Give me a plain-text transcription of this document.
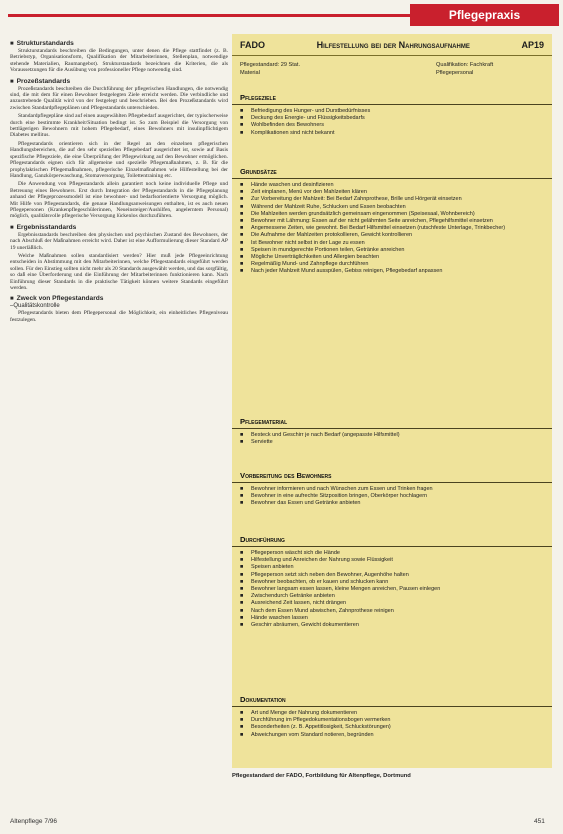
Pflegepraxis
■ Strukturstandards

Strukturstandards beschreiben die Bedingungen, unter denen die Pflege stattfindet (z. B. Betriebstyp, Organisationsform, Qualifikation der Mitarbeiterinnen, Stellenplan, notwendige stehende Materialien, Raumangebot). Strukturstandards bezeichnen die Kriterien, die als Voraussetzungen für die Ausübung von professioneller Pflege notwendig sind.

■ Prozeßstandards

Prozeßstandards beschreiben die Durchführung der pflegerischen Handlungen, die notwendig sind, die mit dem für einen Bewohner festgelegten Ziele erreicht werden. Die verbindliche und anzustrebende Qualität wird von der festgelegt und beschrieben. Bei den Prozeßstandards wird zwischen Standardpflegeplänen und Pflegestandards unterschieden.

Standardpflegepläne sind auf einen ausgewählten Pflegebedarf ausgerichtet, der typischerweise durch eine bestimmte Krankheit/Situation bedingt ist. So zum Beispiel die Versorgung von bettlägerigen Bewohnern mit hohem Pflegebedarf, eines Bewohners mit insulinpflichtigem Diabetes mellitus.

Pflegestandards orientieren sich in der Regel an den einzelnen pflegerischen Handlungsbereichen, die auf den sehr speziellen Pflegebedarf ausgerichtet ist, sowie auf Basis spezifische Pflegeziele, die eine Überprüfung der Pflegewirkung auf den Bewohner ermöglichen. Pflegestandards eignen sich für allgemeine und spezielle Pflegemaßnahmen, z. B. für die prophylaktischen Pflegemaßnahmen, pflegerische Einzelmaßnahmen wie Hilfestellung bei der Handlung, Ganzkörperwaschung, Stomaversorgung, Toilettentraining etc.

Die Anwendung von Pflegestandards allein garantiert noch keine individuelle Pflege und Betreuung eines Bewohners. Erst durch Integration der Pflegestandards in die Pflegeplanung anhand der Pflegeprozessmodell ist eine bewohner- und bedarfsorientierte Versorgung möglich. Mit Hilfe von Pflegestandards, die genaue Handlungsanweisungen enthalten, ist es auch neuen Pflegepersonen (Krankenpflegeschülerinnen, Neueinsteiger/Aushilfen, angelerntem Personal) möglich, qualitätsvolle pflegerische Versorgung lückenlos durchzuführen.

■ Ergebnisstandards

Ergebnisstandards beschreiben den physischen und psychischen Zustand des Bewohners, der nach Abschluß der Maßnahmen erreicht wird. Daher ist eine Aufformulierung dieser Standard AP 19 unerläßlich.

Welche Maßnahmen sollen standardisiert werden? Hier muß jede Pflegeeinrichtung entscheiden in Abstimmung mit den Mitarbeiterinnen, welche Pflegestandards eingeführt werden sollen. Für den Einstieg sollten nicht mehr als 20 Standards ausgewählt werden, und das sorgfältig, so daß eine Überforderung und die Einführung der Mitarbeiterinnen funktionieren kann. Nach Einführung dieser Standards in die praktische Tätigkeit können weitere Standards eingeführt werden.

■ Zweck von Pflegestandards
– Qualitätskontrolle

Pflegestandards bieten dem Pflegepersonal die Möglichkeit, ein einheitliches Pflegeniveau festzulegen.

FADO	Hilfestellung bei der Nahrungsaufnahme	AP19
Pflegestandard: 29 Stat.
Material
Qualifikation: Fachkraft
Pflegepersonal
Pflegeziele
■ Befriedigung des Hunger- und Durstbedürfnisses
■ Deckung des Energie- und Flüssigkeitsbedarfs
■ Wohlbefinden des Bewohners
■ Komplikationen sind nicht bekannt
Grundsätze
■ Hände waschen und desinfizieren
■ Zeit einplanen, Menü vor den Mahlzeiten klären
■ Zur Vorbereitung der Mahlzeit: Bei Bedarf Zahnprothese, Brille und Hörgerät einsetzen
■ Während der Mahlzeit Ruhe, Schlucken und Essen beobachten
■ Die Mahlzeiten werden grundsätzlich gemeinsam eingenommen (Speisesaal, Wohnbereich)
■ Bewohner mit Lähmung: Essen auf der nicht gelähmten Seite anreichen, Pflegehilfsmittel einsetzen
■ Angemessene Zeiten, wie gewohnt. Bei Bedarf Hilfsmittel einsetzen (rutschfeste Unterlage, Trinkbecher)
■ Die Aufnahme der Mahlzeiten protokollieren, Gewicht kontrollieren
■ Ist Bewohner nicht selbst in der Lage zu essen
■ Speisen in mundgerechte Portionen teilen, Getränke anreichen
■ Mögliche Unverträglichkeiten und Allergien beachten
■ Regelmäßig Mund- und Zahnpflege durchführen
■ Nach jeder Mahlzeit Mund ausspülen, Gebiss reinigen, Pflegebedarf anpassen
Pflegematerial
■ Besteck und Geschirr je nach Bedarf (angepasste Hilfsmittel)
■ Serviette
Vorbereitung des Bewohners
■ Bewohner informieren und nach Wünschen zum Essen und Trinken fragen
■ Bewohner in eine aufrechte Sitzposition bringen, Oberkörper hochlagern
■ Bewohner das Essen und Getränke anbieten
Durchführung
■ Pflegeperson wäscht sich die Hände
■ Hilfestellung und Anreichen der Nahrung sowie Flüssigkeit
■ Speisen anbieten
■ Pflegeperson setzt sich neben den Bewohner, Augenhöhe halten
■ Bewohner beobachten, ob er kauen und schlucken kann
■ Bewohner langsam essen lassen, kleine Mengen anreichen, Pausen einlegen
■ Zwischendurch Getränke anbieten
■ Ausreichend Zeit lassen, nicht drängen
■ Nach dem Essen Mund abwischen, Zahnprothese reinigen
■ Hände waschen lassen
■ Geschirr abräumen, Gewicht dokumentieren
Dokumentation
■ Art und Menge der Nahrung dokumentieren
■ Durchführung im Pflegedokumentationsbogen vermerken
■ Besonderheiten (z. B. Appetitlosigkeit, Schluckstörungen)
■ Abweichungen vom Standard notieren, begründen
Pflegestandard der FADO, Fortbildung für Altenpflege, Dortmund
Altenpflege 7/96	451
